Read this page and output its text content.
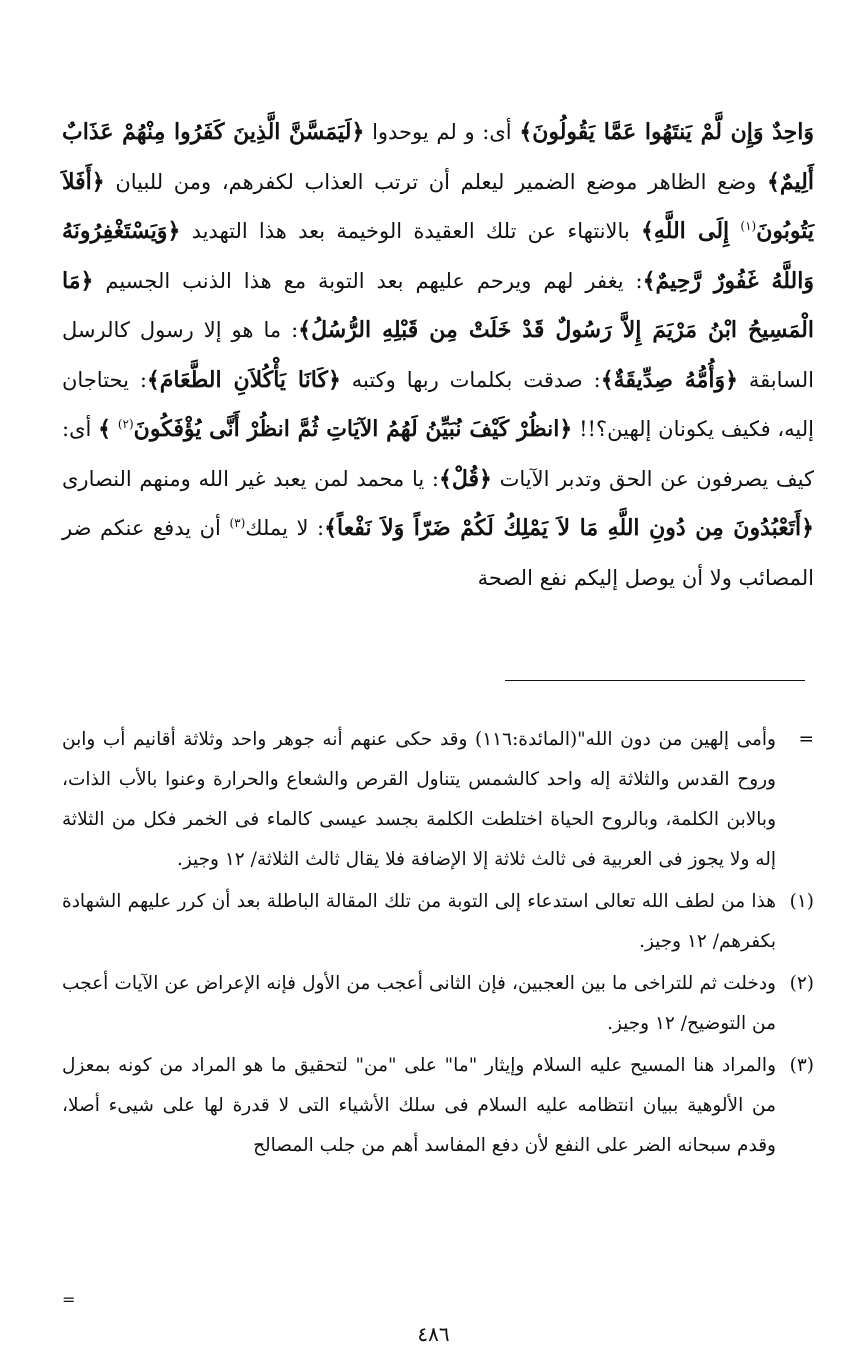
وَاحِدٌ وَإِن لَّمْ يَنتَهُوا عَمَّا يَقُولُونَ﴾ أى: و لم يوحدوا ﴿لَيَمَسَّنَّ الَّذِينَ كَفَرُوا مِنْهُمْ عَذَابٌ أَلِيمٌ﴾ وضع الظاهر موضع الضمير ليعلم أن ترتب العذاب لكفرهم، ومن للبيان ﴿أَفَلاَ يَتُوبُونَ$^{(١)}$ إِلَى اللَّهِ﴾ بالانتهاء عن تلك العقيدة الوخيمة بعد هذا التهديد ﴿وَيَسْتَغْفِرُونَهُ وَاللَّهُ غَفُورٌ رَّحِيمٌ﴾: يغفر لهم ويرحم عليهم بعد التوبة مع هذا الذنب الجسيم ﴿مَا الْمَسِيحُ ابْنُ مَرْيَمَ إِلاَّ رَسُولٌ قَدْ خَلَتْ مِن قَبْلِهِ الرُّسُلُ﴾: ما هو إلا رسول كالرسل السابقة ﴿وَأُمُّهُ صِدِّيقَةٌ﴾: صدقت بكلمات ربها وكتبه ﴿كَانَا يَأْكُلاَنِ الطَّعَامَ﴾: يحتاجان إليه، فكيف يكونان إلهين؟!! ﴿انظُرْ كَيْفَ نُبَيِّنُ لَهُمُ الآيَاتِ ثُمَّ انظُرْ أَنَّى يُؤْفَكُونَ$^{(٢)}$ ﴾ أى: كيف يصرفون عن الحق وتدبر الآيات ﴿قُلْ﴾: يا محمد لمن يعبد غير الله ومنهم النصارى ﴿أَتَعْبُدُونَ مِن دُونِ اللَّهِ مَا لاَ يَمْلِكُ لَكُمْ ضَرّاً وَلاَ نَفْعاً﴾: لا يملك$^{(٣)}$ أن يدفع عنكم ضر المصائب ولا أن يوصل إليكم نفع الصحة

=
وأمى إلهين من دون الله"(المائدة:١١٦) وقد حكى عنهم أنه جوهر واحد وثلاثة أقانيم أب وابن وروح القدس والثلاثة إله واحد كالشمس يتناول القرص والشعاع والحرارة وعنوا بالأب الذات، وبالابن الكلمة، وبالروح الحياة اختلطت الكلمة بجسد عيسى كالماء فى الخمر فكل من الثلاثة إله ولا يجوز فى العربية فى ثالث ثلاثة إلا الإضافة فلا يقال ثالث الثلاثة/ ١٢ وجيز.
(١)
هذا من لطف الله تعالى استدعاء إلى التوبة من تلك المقالة الباطلة بعد أن كرر عليهم الشهادة بكفرهم/ ١٢ وجيز.
(٢)
ودخلت ثم للتراخى ما بين العجبين، فإن الثانى أعجب من الأول فإنه الإعراض عن الآيات أعجب من التوضيح/ ١٢ وجيز.
(٣)
والمراد هنا المسيح عليه السلام وإيثار "ما" على "من" لتحقيق ما هو المراد من كونه بمعزل من الألوهية ببيان انتظامه عليه السلام فى سلك الأشياء التى لا قدرة لها على شيىء أصلا، وقدم سبحانه الضر على النفع لأن دفع المفاسد أهم من جلب المصالح
=
٤٨٦
